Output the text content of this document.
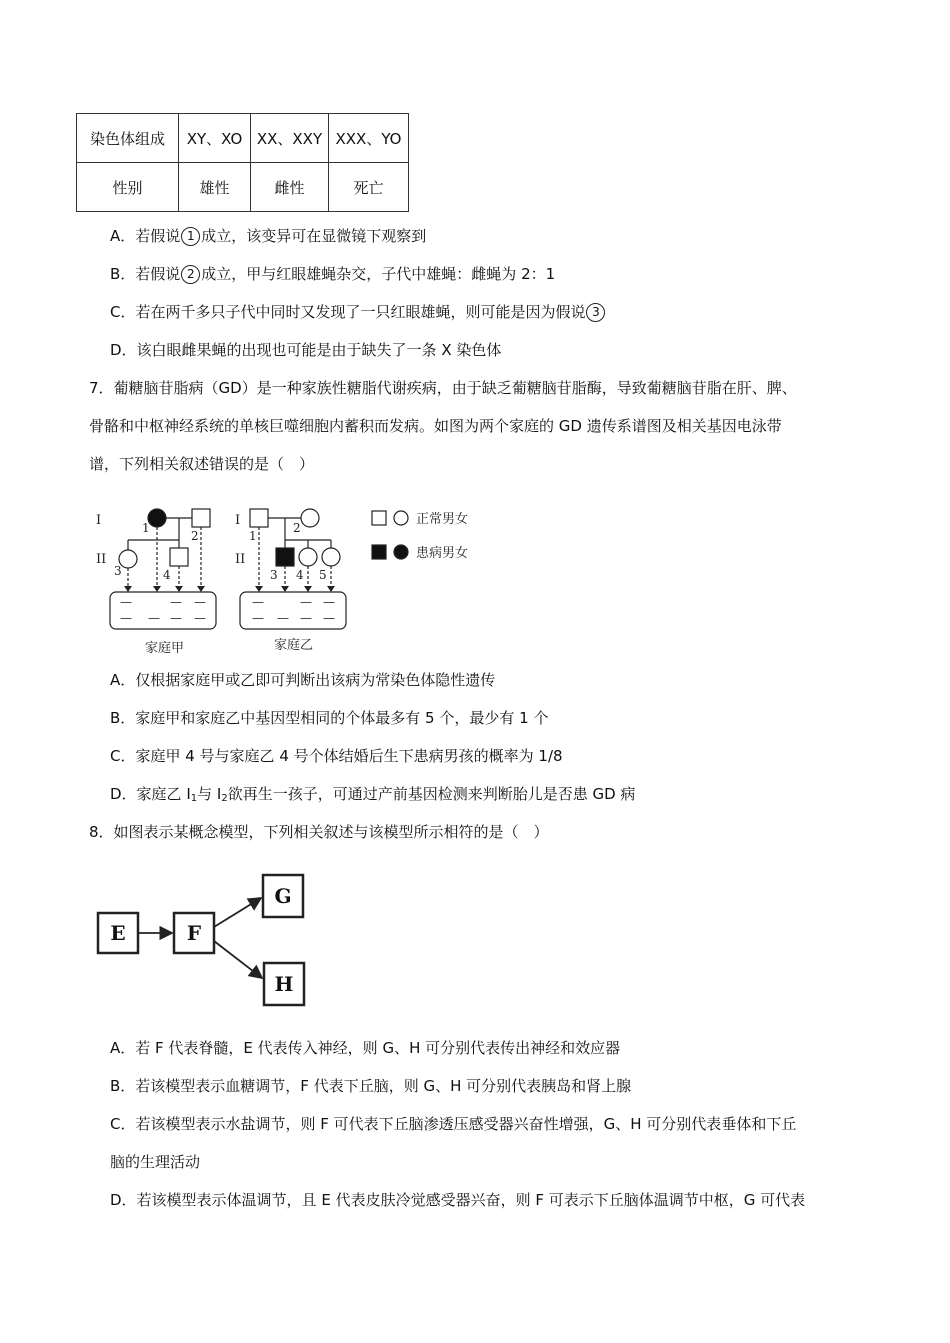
染色体组成	XY、XO	XX、XXY	XXX、YO
性别	雄性	雌性	死亡
A．若假说 1 成立，该变异可在显微镜下观察到
B．若假说 2 成立，甲与红眼雄蝇杂交，子代中雄蝇：雌蝇为 2：1
C．若在两千多只子代中同时又发现了一只红眼雄蝇，则可能是因为假说 3
D．该白眼雌果蝇的出现也可能是由于缺失了一条 X 染色体
7．葡糖脑苷脂病（GD）是一种家族性糖脂代谢疾病，由于缺乏葡糖脑苷脂酶，导致葡糖脑苷脂在肝、脾、
骨骼和中枢神经系统的单核巨噬细胞内蓄积而发病。如图为两个家庭的 GD 遗传系谱图及相关基因电泳带
谱，下列相关叙述错误的是（　）
I
II
I
II
1
2
3	4
1
2
3 4 5
—	— —
— — — —
—	— —
— — — —
家庭甲	家庭乙
正常男女
患病男女
A．仅根据家庭甲或乙即可判断出该病为常染色体隐性遗传
B．家庭甲和家庭乙中基因型相同的个体最多有 5 个，最少有 1 个
C．家庭甲 4 号与家庭乙 4 号个体结婚后生下患病男孩的概率为 1/8
D．家庭乙 $I_1$与 $Ⅰ_2$欲再生一孩子，可通过产前基因检测来判断胎儿是否患 GD 病
8．如图表示某概念模型，下列相关叙述与该模型所示相符的是（　）
E	F
G
H
A．若 F 代表脊髓，E 代表传入神经，则 G、H 可分别代表传出神经和效应器
B．若该模型表示血糖调节，F 代表下丘脑，则 G、H 可分别代表胰岛和肾上腺
C．若该模型表示水盐调节，则 F 可代表下丘脑渗透压感受器兴奋性增强，G、H 可分别代表垂体和下丘
脑的生理活动
D．若该模型表示体温调节，且 E 代表皮肤冷觉感受器兴奋，则 F 可表示下丘脑体温调节中枢，G 可代表
